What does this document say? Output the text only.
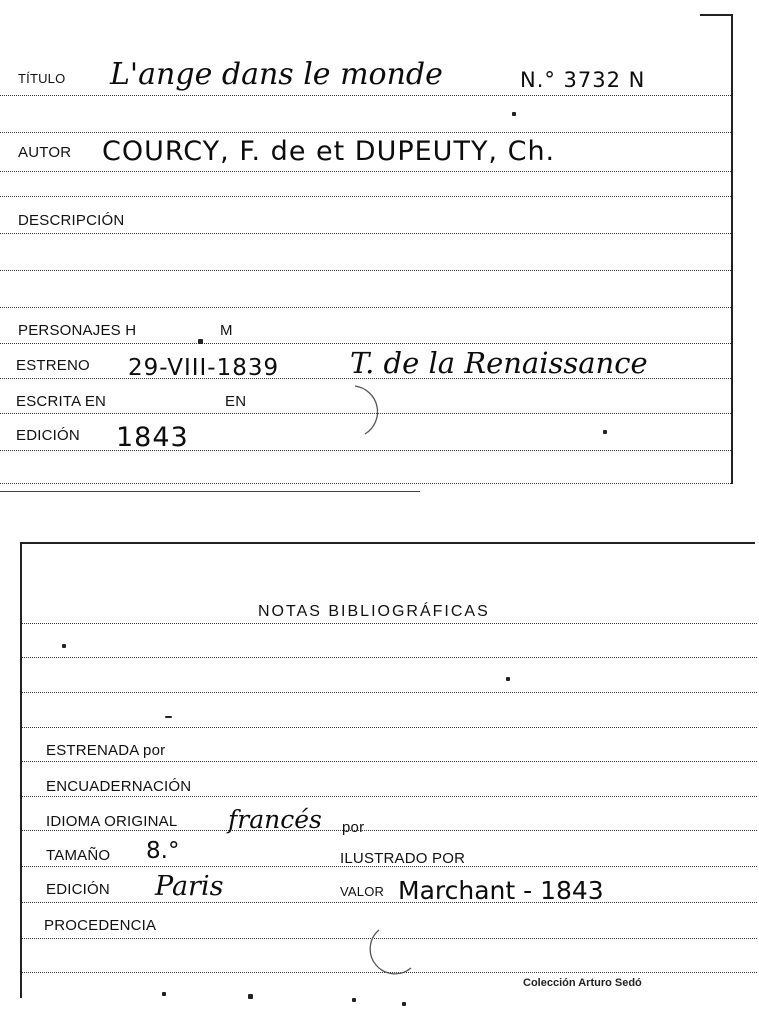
TÍTULO L'ange dans le monde	N.° 3732 N
AUTOR COURCY, F. de et DUPEUTY, Ch.
DESCRIPCIÓN
PERSONAJES H	M
ESTRENO 29-VIII-1839 T. de la Renaissance
ESCRITA EN	EN
EDICIÓN 1843
NOTAS BIBLIOGRÁFICAS
ESTRENADA por
ENCUADERNACIÓN
IDIOMA ORIGINAL francés por
TAMAÑO 8.°	ILUSTRADO POR
EDICIÓN Paris	VALOR Marchant - 1843
PROCEDENCIA
Colección Arturo Sedó
